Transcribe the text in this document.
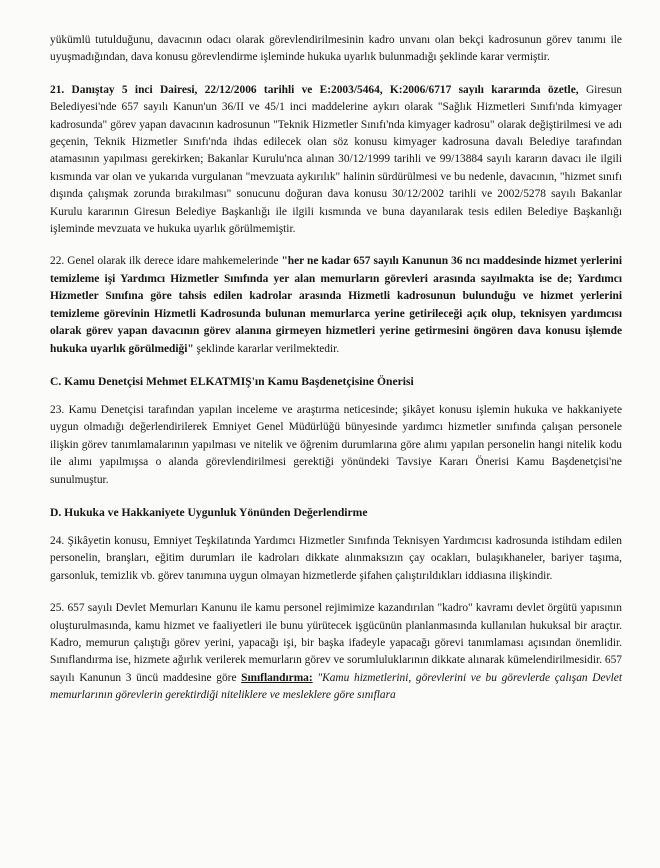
yükümlü tutulduğunu, davacının odacı olarak görevlendirilmesinin kadro unvanı olan bekçi kadrosunun görev tanımı ile uyuşmadığından, dava konusu görevlendirme işleminde hukuka uyarlık bulunmadığı şeklinde karar vermiştir.

21. Danıştay 5 inci Dairesi, 22/12/2006 tarihli ve E:2003/5464, K:2006/6717 sayılı kararında özetle, Giresun Belediyesi'nde 657 sayılı Kanun'un 36/II ve 45/1 inci maddelerine aykırı olarak "Sağlık Hizmetleri Sınıfı'nda kimyager kadrosunda" görev yapan davacının kadrosunun "Teknik Hizmetler Sınıfı'nda kimyager kadrosu" olarak değiştirilmesi ve adı geçenin, Teknik Hizmetler Sınıfı'nda ihdas edilecek olan söz konusu kimyager kadrosuna davalı Belediye tarafından atamasının yapılması gerekirken; Bakanlar Kurulu'nca alınan 30/12/1999 tarihli ve 99/13884 sayılı kararın davacı ile ilgili kısmında var olan ve yukarıda vurgulanan "mevzuata aykırılık" halinin sürdürülmesi ve bu nedenle, davacının, "hizmet sınıfı dışında çalışmak zorunda bırakılması" sonucunu doğuran dava konusu 30/12/2002 tarihli ve 2002/5278 sayılı Bakanlar Kurulu kararının Giresun Belediye Başkanlığı ile ilgili kısmında ve buna dayanılarak tesis edilen Belediye Başkanlığı işleminde mevzuata ve hukuka uyarlık görülmemiştir.

22. Genel olarak ilk derece idare mahkemelerinde "her ne kadar 657 sayılı Kanunun 36 ncı maddesinde hizmet yerlerini temizleme işi Yardımcı Hizmetler Sınıfında yer alan memurların görevleri arasında sayılmakta ise de; Yardımcı Hizmetler Sınıfına göre tahsis edilen kadrolar arasında Hizmetli kadrosunun bulunduğu ve hizmet yerlerini temizleme görevinin Hizmetli Kadrosunda bulunan memurlarca yerine getirileceği açık olup, teknisyen yardımcısı olarak görev yapan davacının görev alanına girmeyen hizmetleri yerine getirmesini öngören dava konusu işlemde hukuka uyarlık görülmediği" şeklinde kararlar verilmektedir.

C. Kamu Denetçisi Mehmet ELKATMIŞ'ın Kamu Başdenetçisine Önerisi

23. Kamu Denetçisi tarafından yapılan inceleme ve araştırma neticesinde; şikâyet konusu işlemin hukuka ve hakkaniyete uygun olmadığı değerlendirilerek Emniyet Genel Müdürlüğü bünyesinde yardımcı hizmetler sınıfında çalışan personele ilişkin görev tanımlamalarının yapılması ve nitelik ve öğrenim durumlarına göre alımı yapılan personelin hangi nitelik kodu ile alımı yapılmışsa o alanda görevlendirilmesi gerektiği yönündeki Tavsiye Kararı Önerisi Kamu Başdenetçisi'ne sunulmuştur.

D. Hukuka ve Hakkaniyete Uygunluk Yönünden Değerlendirme

24. Şikâyetin konusu, Emniyet Teşkilatında Yardımcı Hizmetler Sınıfında Teknisyen Yardımcısı kadrosunda istihdam edilen personelin, branşları, eğitim durumları ile kadroları dikkate alınmaksızın çay ocakları, bulaşıkhaneler, bariyer taşıma, garsonluk, temizlik vb. görev tanımına uygun olmayan hizmetlerde şifahen çalıştırıldıkları iddiasına ilişkindir.

25. 657 sayılı Devlet Memurları Kanunu ile kamu personel rejimimize kazandırılan "kadro" kavramı devlet örgütü yapısının oluşturulmasında, kamu hizmet ve faaliyetleri ile bunu yürütecek işgücünün planlanmasında kullanılan hukuksal bir araçtır. Kadro, memurun çalıştığı görev yerini, yapacağı işi, bir başka ifadeyle yapacağı görevi tanımlaması açısından önemlidir. Sınıflandırma ise, hizmete ağırlık verilerek memurların görev ve sorumluluklarının dikkate alınarak kümelendirilmesidir. 657 sayılı Kanunun 3 üncü maddesine göre Sınıflandırma: "Kamu hizmetlerini, görevlerini ve bu görevlerde çalışan Devlet memurlarının görevlerin gerektirdiği niteliklere ve mesleklere göre sınıflara
